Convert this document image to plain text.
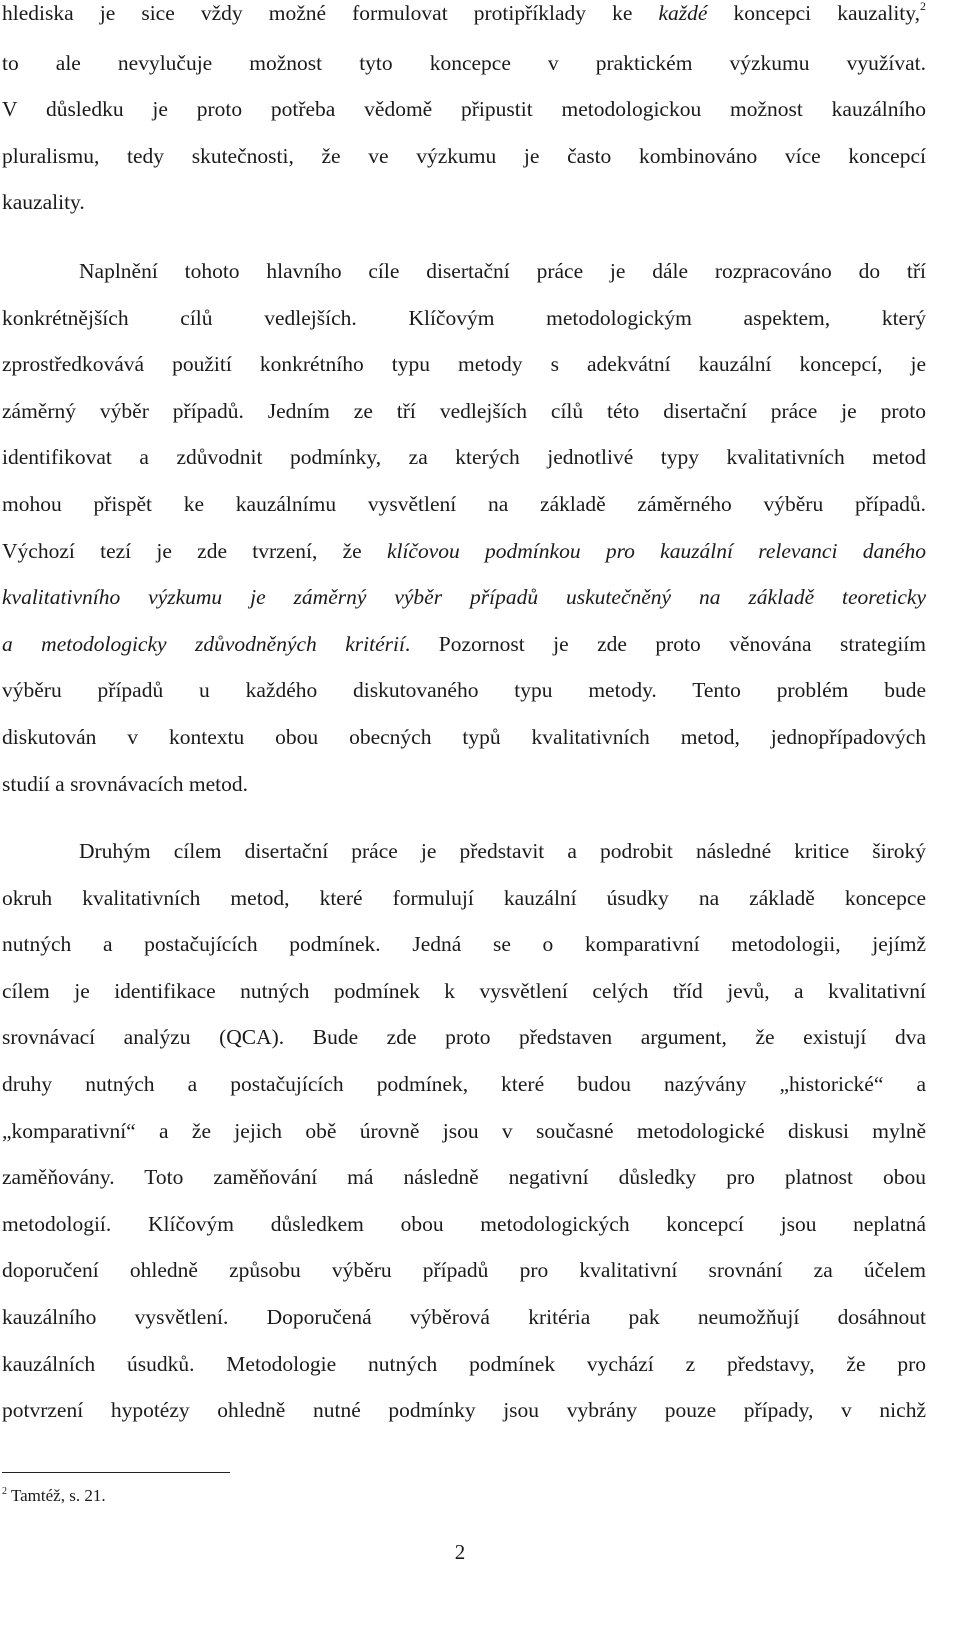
hlediska je sice vždy možné formulovat protipříklady ke každé koncepci kauzality,$^2$
to ale nevylučuje možnost tyto koncepce v praktickém výzkumu využívat.
V důsledku je proto potřeba vědomě připustit metodologickou možnost kauzálního
pluralismu, tedy skutečnosti, že ve výzkumu je často kombinováno více koncepcí
kauzality.
Naplnění tohoto hlavního cíle disertační práce je dále rozpracováno do tří
konkrétnějších cílů vedlejších. Klíčovým metodologickým aspektem, který
zprostředkovává použití konkrétního typu metody s adekvátní kauzální koncepcí, je
záměrný výběr případů. Jedním ze tří vedlejších cílů této disertační práce je proto
identifikovat a zdůvodnit podmínky, za kterých jednotlivé typy kvalitativních metod
mohou přispět ke kauzálnímu vysvětlení na základě záměrného výběru případů.
Výchozí tezí je zde tvrzení, že klíčovou podmínkou pro kauzální relevanci daného
kvalitativního výzkumu je záměrný výběr případů uskutečněný na základě teoreticky
a metodologicky zdůvodněných kritérií. Pozornost je zde proto věnována strategiím
výběru případů u každého diskutovaného typu metody. Tento problém bude
diskutován v kontextu obou obecných typů kvalitativních metod, jednopřípadových
studií a srovnávacích metod.
Druhým cílem disertační práce je představit a podrobit následné kritice široký
okruh kvalitativních metod, které formulují kauzální úsudky na základě koncepce
nutných a postačujících podmínek. Jedná se o komparativní metodologii, jejímž
cílem je identifikace nutných podmínek k vysvětlení celých tříd jevů, a kvalitativní
srovnávací analýzu (QCA). Bude zde proto představen argument, že existují dva
druhy nutných a postačujících podmínek, které budou nazývány „historické“ a
„komparativní“ a že jejich obě úrovně jsou v současné metodologické diskusi mylně
zaměňovány. Toto zaměňování má následně negativní důsledky pro platnost obou
metodologií. Klíčovým důsledkem obou metodologických koncepcí jsou neplatná
doporučení ohledně způsobu výběru případů pro kvalitativní srovnání za účelem
kauzálního vysvětlení. Doporučená výběrová kritéria pak neumožňují dosáhnout
kauzálních úsudků. Metodologie nutných podmínek vychází z představy, že pro
potvrzení hypotézy ohledně nutné podmínky jsou vybrány pouze případy, v nichž

$^2$ Tamtéž, s. 21.

2
